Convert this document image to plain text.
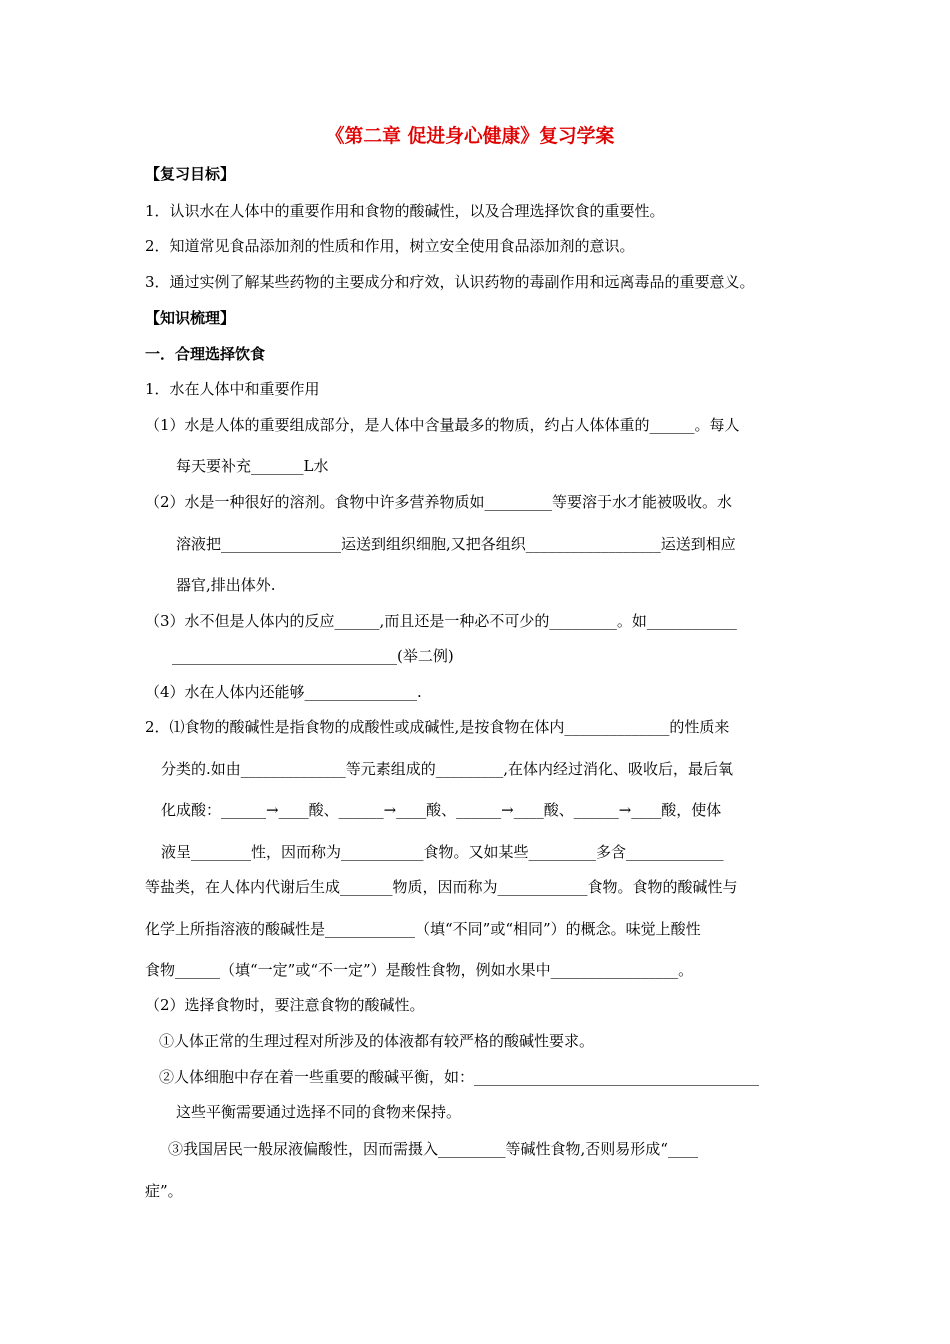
《第二章 促进身心健康》复习学案
【复习目标】
1．认识水在人体中的重要作用和食物的酸碱性，以及合理选择饮食的重要性。
2．知道常见食品添加剂的性质和作用，树立安全使用食品添加剂的意识。
3．通过实例了解某些药物的主要成分和疗效，认识药物的毒副作用和远离毒品的重要意义。
【知识梳理】
一．合理选择饮食
1．水在人体中和重要作用
（1）水是人体的重要组成部分，是人体中含量最多的物质，约占人体体重的______。每人
每天要补充_______L水
（2）水是一种很好的溶剂。食物中许多营养物质如_________等要溶于水才能被吸收。水
溶液把________________运送到组织细胞,又把各组织__________________运送到相应
器官,排出体外.
（3）水不但是人体内的反应______,而且还是一种必不可少的_________。如____________
______________________________(举二例)
（4）水在人体内还能够_______________.
2．⑴食物的酸碱性是指食物的成酸性或成碱性,是按食物在体内______________的性质来
分类的.如由______________等元素组成的_________,在体内经过消化、吸收后，最后氧
化成酸：______→____酸、______→____酸、______→____酸、______→____酸，使体
液呈________性，因而称为___________食物。又如某些_________多含_____________
等盐类，在人体内代谢后生成_______物质，因而称为____________食物。食物的酸碱性与
化学上所指溶液的酸碱性是____________（填“不同”或“相同”）的概念。味觉上酸性
食物______（填“一定”或“不一定”）是酸性食物，例如水果中_________________。
（2）选择食物时，要注意食物的酸碱性。
①人体正常的生理过程对所涉及的体液都有较严格的酸碱性要求。
②人体细胞中存在着一些重要的酸碱平衡，如：______________________________________
这些平衡需要通过选择不同的食物来保持。
③我国居民一般尿液偏酸性，因而需摄入_________等碱性食物,否则易形成“____
症”。
